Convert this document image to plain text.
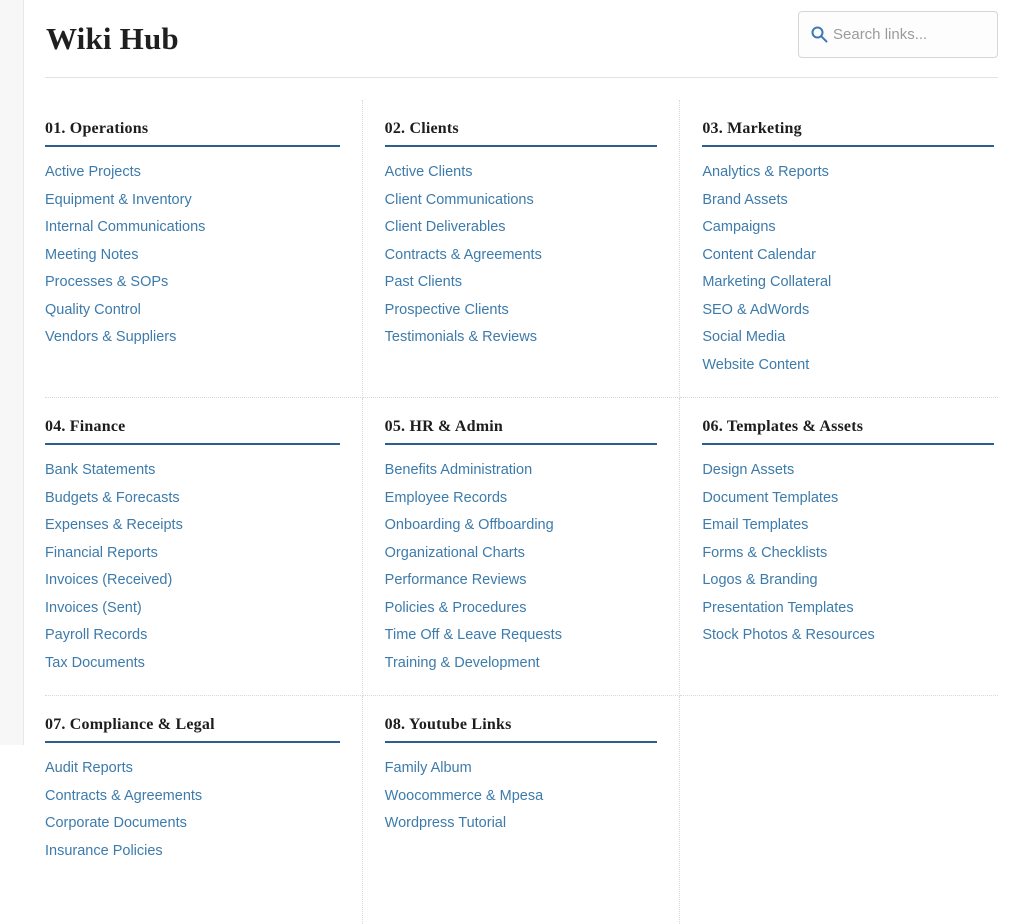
Wiki Hub
Search links...
01. Operations
Active Projects
Equipment & Inventory
Internal Communications
Meeting Notes
Processes & SOPs
Quality Control
Vendors & Suppliers
02. Clients
Active Clients
Client Communications
Client Deliverables
Contracts & Agreements
Past Clients
Prospective Clients
Testimonials & Reviews
03. Marketing
Analytics & Reports
Brand Assets
Campaigns
Content Calendar
Marketing Collateral
SEO & AdWords
Social Media
Website Content
04. Finance
Bank Statements
Budgets & Forecasts
Expenses & Receipts
Financial Reports
Invoices (Received)
Invoices (Sent)
Payroll Records
Tax Documents
05. HR & Admin
Benefits Administration
Employee Records
Onboarding & Offboarding
Organizational Charts
Performance Reviews
Policies & Procedures
Time Off & Leave Requests
Training & Development
06. Templates & Assets
Design Assets
Document Templates
Email Templates
Forms & Checklists
Logos & Branding
Presentation Templates
Stock Photos & Resources
07. Compliance & Legal
Audit Reports
Contracts & Agreements
Corporate Documents
Insurance Policies
08. Youtube Links
Family Album
Woocommerce & Mpesa
Wordpress Tutorial
